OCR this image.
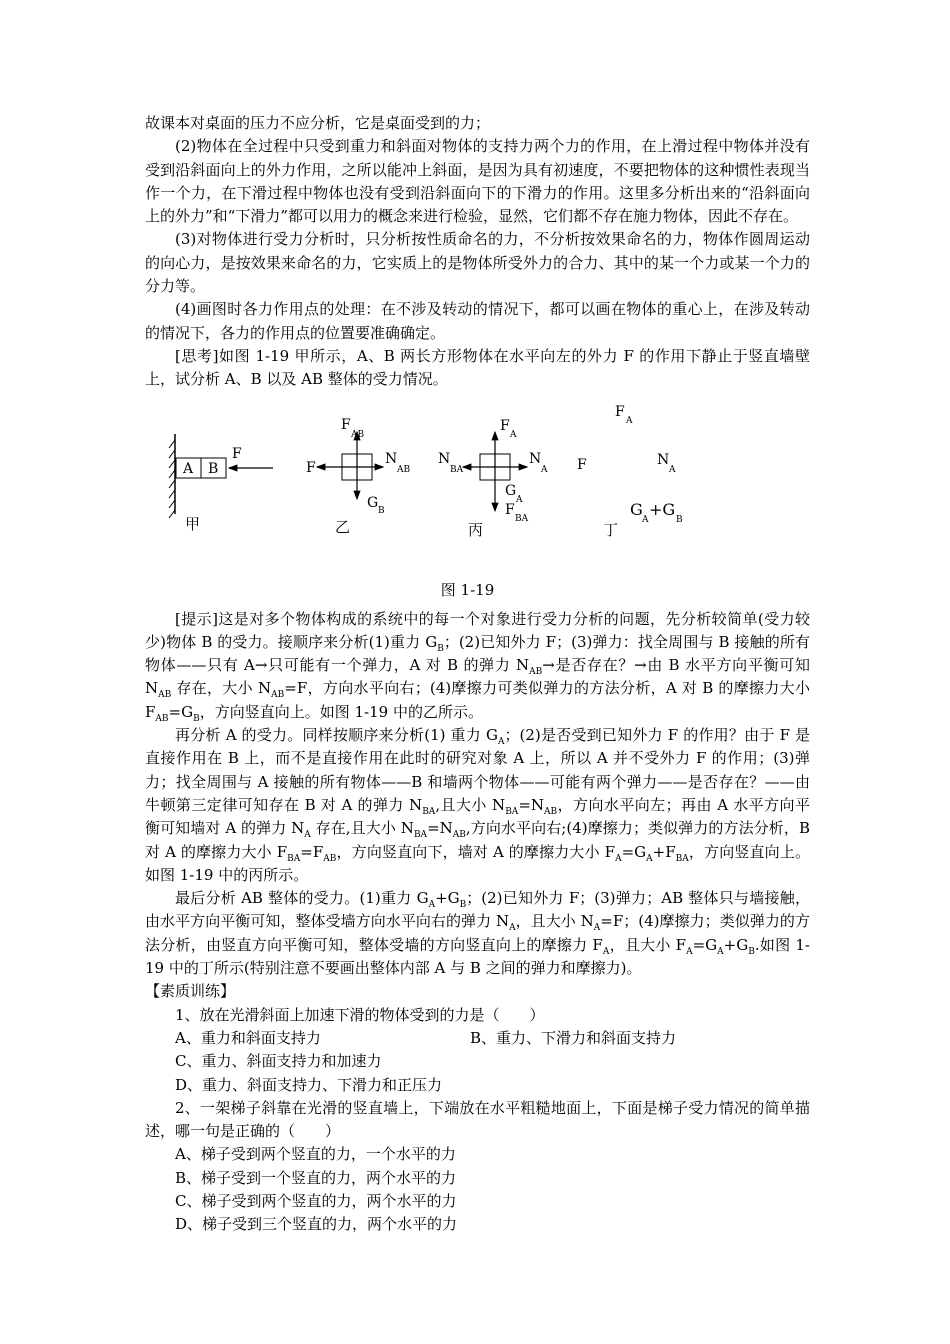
故课本对桌面的压力不应分析，它是桌面受到的力；

(2)物体在全过程中只受到重力和斜面对物体的支持力两个力的作用，在上滑过程中物体并没有受到沿斜面向上的外力作用，之所以能冲上斜面，是因为具有初速度，不要把物体的这种惯性表现当作一个力，在下滑过程中物体也没有受到沿斜面向下的下滑力的作用。这里多分析出来的“沿斜面向上的外力”和“下滑力”都可以用力的概念来进行检验，显然，它们都不存在施力物体，因此不存在。

(3)对物体进行受力分析时，只分析按性质命名的力，不分析按效果命名的力，物体作圆周运动的向心力，是按效果来命名的力，它实质上的是物体所受外力的合力、其中的某一个力或某一个力的分力等。

(4)画图时各力作用点的处理：在不涉及转动的情况下，都可以画在物体的重心上，在涉及转动的情况下，各力的作用点的位置要准确确定。

[思考]如图 1-19 甲所示，A、B 两长方形物体在水平向左的外力 F 的作用下静止于竖直墙壁上，试分析 A、B 以及 AB 整体的受力情况。

A B
F
甲
F
AB
F
N
AB
G B
乙
F
A
N
BA
N
A
G
A
F
BA
丙
F
A
F	N
A
G
A
+G
B
丁

图 1-19

[提示]这是对多个物体构成的系统中的每一个对象进行受力分析的问题，先分析较简单(受力较少)物体 B 的受力。接顺序来分析(1)重力 $G_B$；(2)已知外力 F；(3)弹力：找全周围与 B 接触的所有物体——只有 A→只可能有一个弹力，A 对 B 的弹力 $N_{AB}\to$是否存在？→由 B 水平方向平衡可知 $N_{AB}$ 存在，大小 $N_{AB}=F$，方向水平向右；(4)摩擦力可类似弹力的方法分析，A 对 B 的摩擦力大小 $F_{AB}=G_B$，方向竖直向上。如图 1-19 中的乙所示。

再分析 A 的受力。同样按顺序来分析(1) 重力 $G_A$；(2)是否受到已知外力 F 的作用？由于 F 是直接作用在 B 上，而不是直接作用在此时的研究对象 A 上，所以 A 并不受外力 F 的作用；(3)弹力；找全周围与 A 接触的所有物体——B 和墙两个物体——可能有两个弹力——是否存在？——由牛顿第三定律可知存在 B 对 A 的弹力 $N_{BA}$,且大小 $N_{BA}=N_{AB}$，方向水平向左；再由 A 水平方向平 衡可知墙对 A 的弹力 $N_A$ 存在,且大小 $N_{BA}=N_{AB}$,方向水平向右;(4)摩擦力；类似弹力的方法分析，B 对 A 的摩擦力大小 $F_{BA}=F_{AB}$，方向竖直向下，墙对 A 的摩擦力大小 $F_A=G_A+F_{BA}$，方向竖直向上。如图 1-19 中的丙所示。

最后分析 AB 整体的受力。(1)重力 $G_A+G_B$；(2)已知外力 F；(3)弹力；AB 整体只与墙接触，由水平方向平衡可知，整体受墙方向水平向右的弹力 $N_A$，且大小 $N_A=F$；(4)摩擦力；类似弹力的方法分析，由竖直方向平衡可知，整体受墙的方向竖直向上的摩擦力 $F_A$，且大小 $F_A=G_A+G_B$.如图 1-19 中的丁所示(特别注意不要画出整体内部 A 与 B 之间的弹力和摩擦力)。

【素质训练】

1、放在光滑斜面上加速下滑的物体受到的力是（　　）

A、重力和斜面支持力	B、重力、下滑力和斜面支持力

C、重力、斜面支持力和加速力

D、重力、斜面支持力、下滑力和正压力

2、一架梯子斜靠在光滑的竖直墙上，下端放在水平粗糙地面上，下面是梯子受力情况的简单描述，哪一句是正确的（　　）

A、梯子受到两个竖直的力，一个水平的力

B、梯子受到一个竖直的力，两个水平的力

C、梯子受到两个竖直的力，两个水平的力

D、梯子受到三个竖直的力，两个水平的力
